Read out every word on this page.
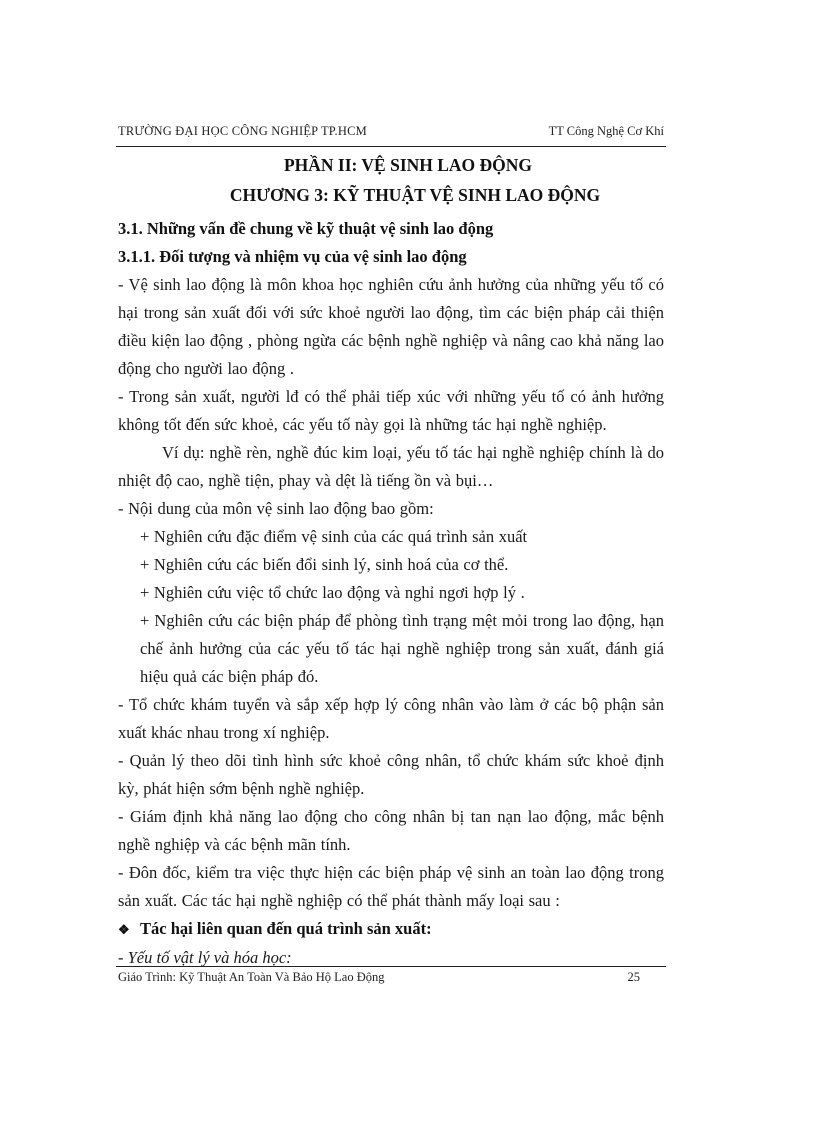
TRƯỜNG ĐẠI HỌC CÔNG NGHIỆP TP.HCM	TT Công Nghệ Cơ Khí
PHẦN II: VỆ SINH LAO ĐỘNG
CHƯƠNG 3: KỸ THUẬT VỆ SINH LAO ĐỘNG

3.1. Những vấn đề chung về kỹ thuật vệ sinh lao động

3.1.1. Đối tượng và nhiệm vụ của vệ sinh lao động

- Vệ sinh lao động là môn khoa học nghiên cứu ảnh hưởng của những yếu tố có hại trong sản xuất đối với sức khoẻ người lao động, tìm các biện pháp cải thiện điều kiện lao động , phòng ngừa các bệnh nghề nghiệp và nâng cao khả năng lao động cho người lao động .

- Trong sản xuất, người lđ có thể phải tiếp xúc với những yếu tố có ảnh hưởng không tốt đến sức khoẻ, các yếu tố này gọi là những tác hại nghề nghiệp.

Ví dụ: nghề rèn, nghề đúc kim loại, yếu tố tác hại nghề nghiệp chính là do nhiệt độ cao, nghề tiện, phay và dệt là tiếng ồn và bụi…

- Nội dung của môn vệ sinh lao động bao gồm:

+ Nghiên cứu đặc điểm vệ sinh của các quá trình sản xuất

+ Nghiên cứu các biến đổi sinh lý, sinh hoá của cơ thể.

+ Nghiên cứu việc tổ chức lao động và nghỉ ngơi hợp lý .

+ Nghiên cứu các biện pháp để phòng tình trạng mệt mỏi trong lao động, hạn chế ảnh hưởng của các yếu tố tác hại nghề nghiệp trong sản xuất, đánh giá hiệu quả các biện pháp đó.

- Tổ chức khám tuyển và sắp xếp hợp lý công nhân vào làm ở các bộ phận sản xuất khác nhau trong xí nghiệp.

- Quản lý theo dõi tình hình sức khoẻ công nhân, tổ chức khám sức khoẻ định kỳ, phát hiện sớm bệnh nghề nghiệp.

- Giám định khả năng lao động cho công nhân bị tan nạn lao động, mắc bệnh nghề nghiệp và các bệnh mãn tính.

- Đôn đốc, kiểm tra việc thực hiện các biện pháp vệ sinh an toàn lao động trong sản xuất. Các tác hại nghề nghiệp có thể phát thành mấy loại sau :

❖ Tác hại liên quan đến quá trình sản xuất:

- Yếu tố vật lý và hóa học:

Giáo Trình: Kỹ Thuật An Toàn Và Bảo Hộ Lao Động	25
